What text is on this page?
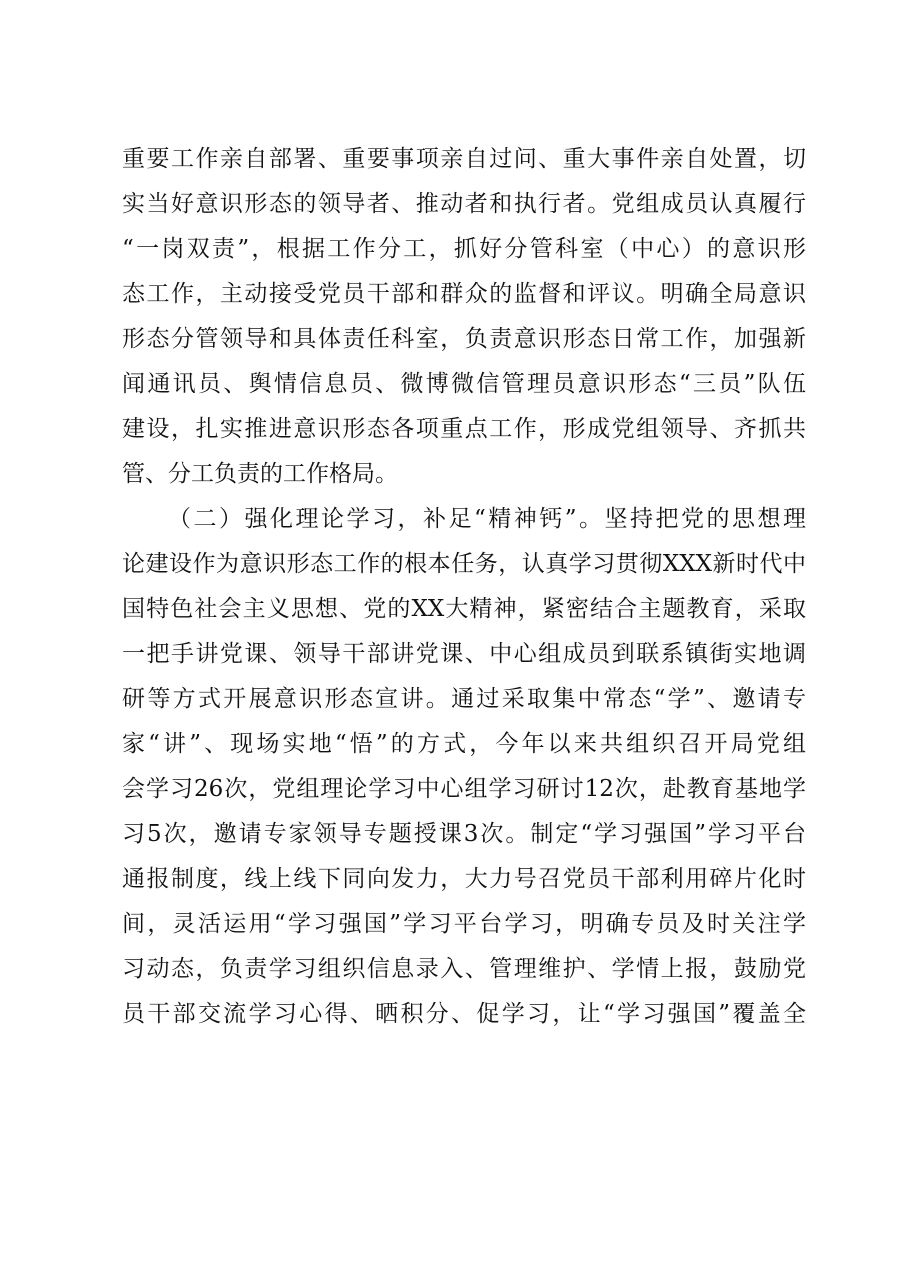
重要工作亲自部署、重要事项亲自过问、重大事件亲自处置，切
实当好意识形态的领导者、推动者和执行者。党组成员认真履行
“一岗双责”，根据工作分工，抓好分管科室（中心）的意识形
态工作，主动接受党员干部和群众的监督和评议。明确全局意识
形态分管领导和具体责任科室，负责意识形态日常工作，加强新
闻通讯员、舆情信息员、微博微信管理员意识形态“三员”队伍
建设，扎实推进意识形态各项重点工作，形成党组领导、齐抓共
管、分工负责的工作格局。
（二）强化理论学习，补足“精神钙”。坚持把党的思想理
论建设作为意识形态工作的根本任务，认真学习贯彻XXX新时代中
国特色社会主义思想、党的XX大精神，紧密结合主题教育，采取
一把手讲党课、领导干部讲党课、中心组成员到联系镇街实地调
研等方式开展意识形态宣讲。通过采取集中常态“学”、邀请专
家“讲”、现场实地“悟”的方式，今年以来共组织召开局党组
会学习26次，党组理论学习中心组学习研讨12次，赴教育基地学
习5次，邀请专家领导专题授课3次。制定“学习强国”学习平台
通报制度，线上线下同向发力，大力号召党员干部利用碎片化时
间，灵活运用“学习强国”学习平台学习，明确专员及时关注学
习动态，负责学习组织信息录入、管理维护、学情上报，鼓励党
员干部交流学习心得、晒积分、促学习，让“学习强国”覆盖全
